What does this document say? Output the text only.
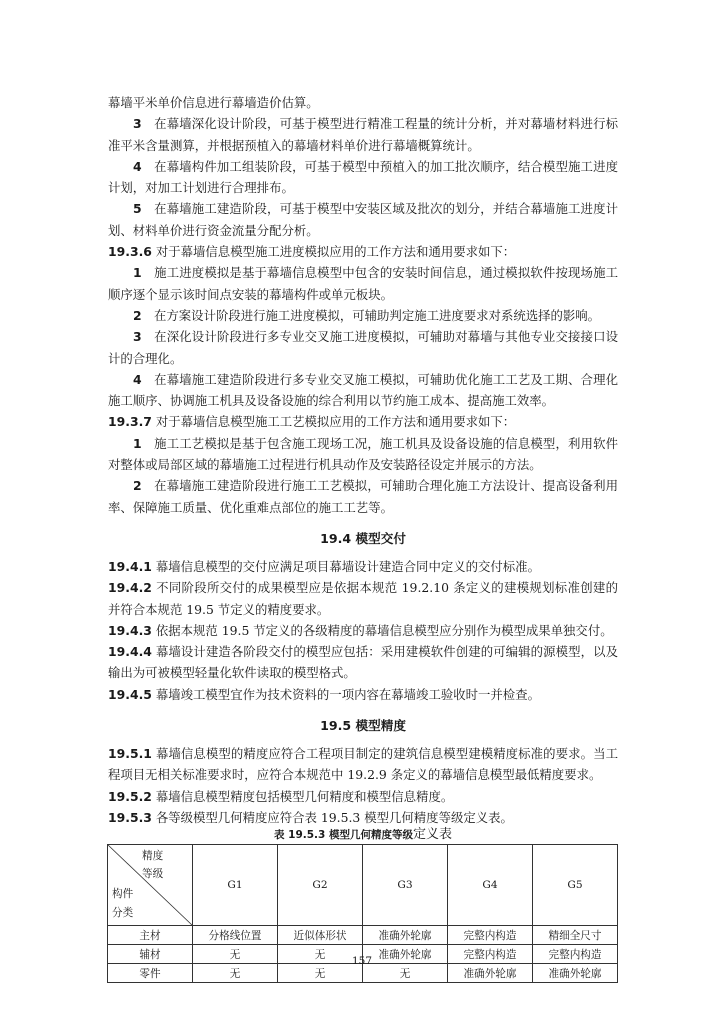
幕墙平米单价信息进行幕墙造价估算。

3  在幕墙深化设计阶段，可基于模型进行精准工程量的统计分析，并对幕墙材料进行标准平米含量测算，并根据预植入的幕墙材料单价进行幕墙概算统计。

4  在幕墙构件加工组装阶段，可基于模型中预植入的加工批次顺序，结合模型施工进度计划，对加工计划进行合理排布。

5  在幕墙施工建造阶段，可基于模型中安装区域及批次的划分，并结合幕墙施工进度计划、材料单价进行资金流量分配分析。

19.3.6 对于幕墙信息模型施工进度模拟应用的工作方法和通用要求如下：

1  施工进度模拟是基于幕墙信息模型中包含的安装时间信息，通过模拟软件按现场施工顺序逐个显示该时间点安装的幕墙构件或单元板块。

2  在方案设计阶段进行施工进度模拟，可辅助判定施工进度要求对系统选择的影响。

3  在深化设计阶段进行多专业交叉施工进度模拟，可辅助对幕墙与其他专业交接接口设计的合理化。

4  在幕墙施工建造阶段进行多专业交叉施工模拟，可辅助优化施工工艺及工期、合理化施工顺序、协调施工机具及设备设施的综合利用以节约施工成本、提高施工效率。

19.3.7 对于幕墙信息模型施工工艺模拟应用的工作方法和通用要求如下：

1  施工工艺模拟是基于包含施工现场工况，施工机具及设备设施的信息模型，利用软件对整体或局部区域的幕墙施工过程进行机具动作及安装路径设定并展示的方法。

2  在幕墙施工建造阶段进行施工工艺模拟，可辅助合理化施工方法设计、提高设备利用率、保障施工质量、优化重难点部位的施工工艺等。

19.4 模型交付

19.4.1 幕墙信息模型的交付应满足项目幕墙设计建造合同中定义的交付标准。

19.4.2 不同阶段所交付的成果模型应是依据本规范 19.2.10 条定义的建模规划标准创建的并符合本规范 19.5 节定义的精度要求。

19.4.3 依据本规范 19.5 节定义的各级精度的幕墙信息模型应分别作为模型成果单独交付。

19.4.4 幕墙设计建造各阶段交付的模型应包括：采用建模软件创建的可编辑的源模型，以及输出为可被模型轻量化软件读取的模型格式。

19.4.5 幕墙竣工模型宜作为技术资料的一项内容在幕墙竣工验收时一并检查。

19.5 模型精度

19.5.1 幕墙信息模型的精度应符合工程项目制定的建筑信息模型建模精度标准的要求。当工程项目无相关标准要求时，应符合本规范中 19.2.9 条定义的幕墙信息模型最低精度要求。

19.5.2 幕墙信息模型精度包括模型几何精度和模型信息精度。

19.5.3 各等级模型几何精度应符合表 19.5.3 模型几何精度等级定义表。

表 19.5.3 模型几何精度等级定义表
精度
等级
构件
分类	G1	G2	G3	G4	G5
主材	分格线位置	近似体形状	准确外轮廓	完整内构造	精细全尺寸
辅材	无	无	准确外轮廓	完整内构造	完整内构造
零件	无	无	无	准确外轮廓	准确外轮廓
157
